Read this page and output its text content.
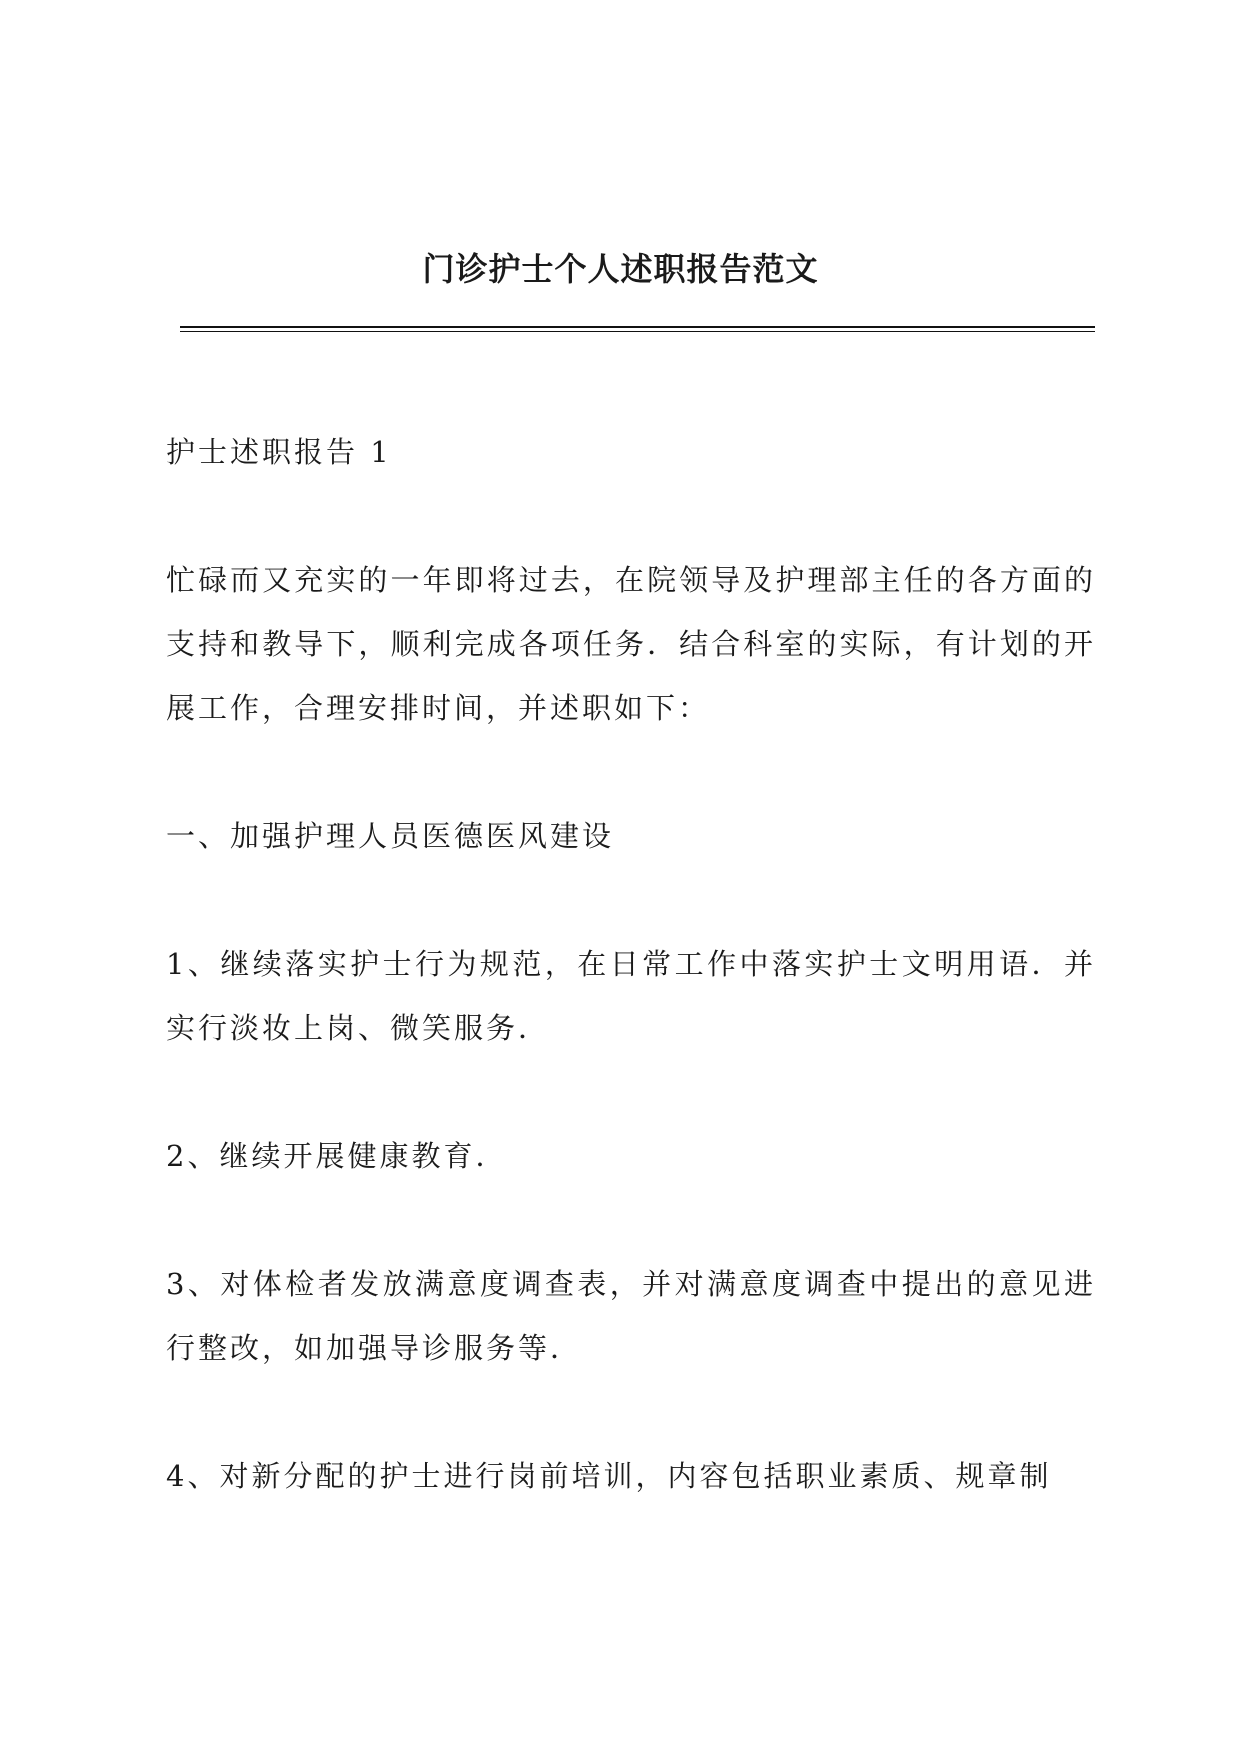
门诊护士个人述职报告范文

护士述职报告 1

忙碌而又充实的一年即将过去，在院领导及护理部主任的各方面的支持和教导下，顺利完成各项任务．结合科室的实际，有计划的开展工作，合理安排时间，并述职如下：

一、加强护理人员医德医风建设

1、继续落实护士行为规范，在日常工作中落实护士文明用语．并实行淡妆上岗、微笑服务．

2、继续开展健康教育．

3、对体检者发放满意度调查表，并对满意度调查中提出的意见进行整改，如加强导诊服务等．

4、对新分配的护士进行岗前培训，内容包括职业素质、规章制
